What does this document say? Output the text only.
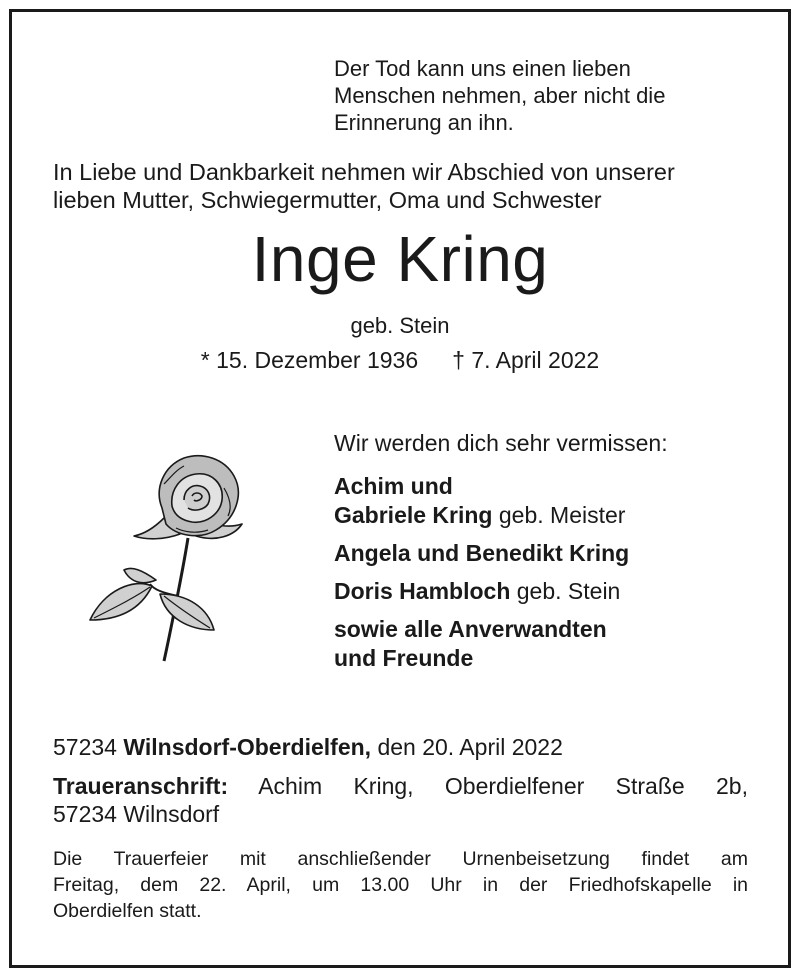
Der Tod kann uns einen lieben
Menschen nehmen, aber nicht die
Erinnerung an ihn.
In Liebe und Dankbarkeit nehmen wir Abschied von unserer
lieben Mutter, Schwiegermutter, Oma und Schwester
Inge Kring
geb. Stein
* 15. Dezember 1936 † 7. April 2022
Wir werden dich sehr vermissen:
Achim und
Gabriele Kring geb. Meister
Angela und Benedikt Kring
Doris Hambloch geb. Stein
sowie alle Anverwandten
und Freunde
57234 Wilnsdorf-Oberdielfen, den 20. April 2022
Traueranschrift: Achim Kring, Oberdielfener Straße 2b,
57234 Wilnsdorf
Die Trauerfeier mit anschließender Urnenbeisetzung findet am
Freitag, dem 22. April, um 13.00 Uhr in der Friedhofskapelle in
Oberdielfen statt.
